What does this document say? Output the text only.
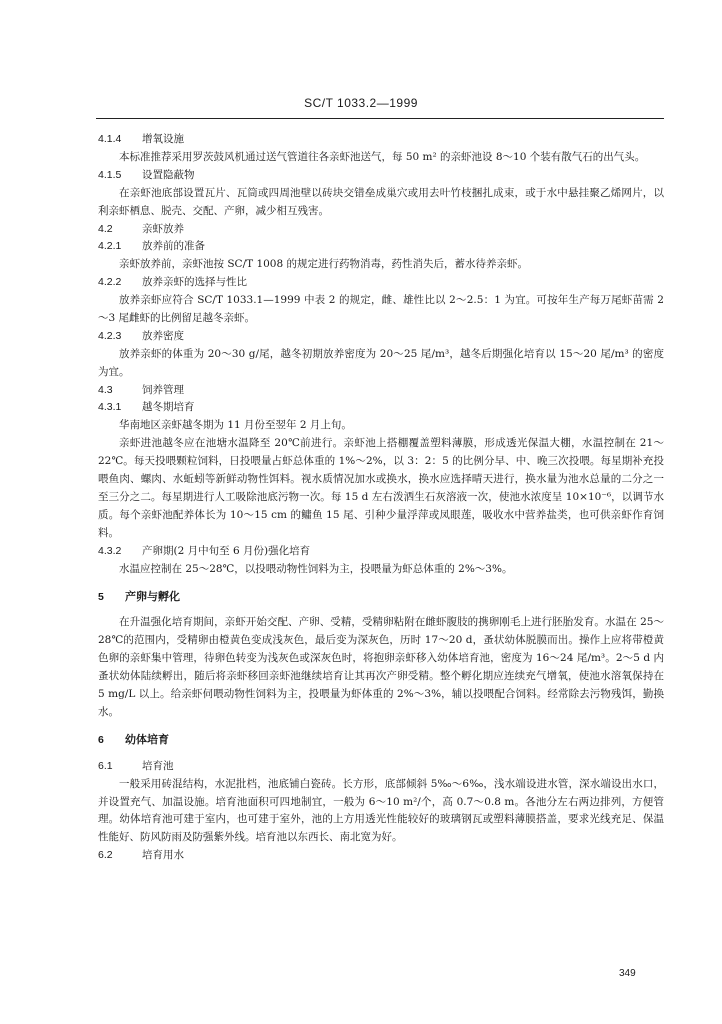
SC/T 1033.2—1999
4.1.4 增氧设施

本标准推荐采用罗茨鼓风机通过送气管道往各亲虾池送气，每 50 m² 的亲虾池设 8～10 个装有散气石的出气头。

4.1.5 设置隐蔽物

在亲虾池底部设置瓦片、瓦筒或四周池壁以砖块交错垒成巢穴或用去叶竹枝捆扎成束，或于水中悬挂聚乙烯网片，以利亲虾栖息、脱壳、交配、产卵，减少相互残害。

4.2	亲虾放养
4.2.1 放养前的准备

亲虾放养前，亲虾池按 SC/T 1008 的规定进行药物消毒，药性消失后，蓄水待养亲虾。

4.2.2 放养亲虾的选择与性比

放养亲虾应符合 SC/T 1033.1—1999 中表 2 的规定，雌、雄性比以 2～2.5：1 为宜。可按年生产每万尾虾苗需 2～3 尾雌虾的比例留足越冬亲虾。

4.2.3 放养密度

放养亲虾的体重为 20～30 g/尾，越冬初期放养密度为 20～25 尾/m³，越冬后期强化培育以 15～20 尾/m³ 的密度为宜。

4.3	饲养管理
4.3.1 越冬期培育

华南地区亲虾越冬期为 11 月份至翌年 2 月上旬。

亲虾进池越冬应在池塘水温降至 20℃前进行。亲虾池上搭棚覆盖塑料薄膜，形成透光保温大棚，水温控制在 21～22℃。每天投喂颗粒饲料，日投喂量占虾总体重的 1%～2%，以 3：2：5 的比例分早、中、晚三次投喂。每星期补充投喂鱼肉、螺肉、水蚯蚓等新鲜动物性饵料。视水质情况加水或换水，换水应选择晴天进行，换水量为池水总量的二分之一至三分之二。每星期进行人工吸除池底污物一次。每 15 d 左右泼洒生石灰溶液一次，使池水浓度呈 10×10⁻⁶，以调节水质。每个亲虾池配养体长为 10～15 cm 的鳙鱼 15 尾、引种少量浮萍或凤眼莲，吸收水中营养盐类，也可供亲虾作育饲料。

4.3.2 产卵期(2 月中旬至 6 月份)强化培育

水温应控制在 25～28℃，以投喂动物性饲料为主，投喂量为虾总体重的 2%～3%。

5 产卵与孵化

在升温强化培育期间，亲虾开始交配、产卵、受精，受精卵粘附在雌虾腹肢的携卵刚毛上进行胚胎发育。水温在 25～28℃的范围内，受精卵由橙黄色变成浅灰色，最后变为深灰色，历时 17～20 d，蚤状幼体脱膜而出。操作上应将带橙黄色卵的亲虾集中管理，待卵色转变为浅灰色或深灰色时，将抱卵亲虾移入幼体培育池，密度为 16～24 尾/m³。2～5 d 内蚤状幼体陆续孵出，随后将亲虾移回亲虾池继续培育让其再次产卵受精。整个孵化期应连续充气增氧，使池水溶氧保持在 5 mg/L 以上。给亲虾伺喂动物性饲料为主，投喂量为虾体重的 2%～3%，辅以投喂配合饲料。经常除去污物残饵，勤换水。

6 幼体培育
6.1	培育池

一般采用砖混结构，水泥批档，池底铺白瓷砖。长方形，底部倾斜 5‰～6‰，浅水端设进水管，深水端设出水口，并设置充气、加温设施。培育池面积可四地制宜，一般为 6～10 m²/个，高 0.7～0.8 m。各池分左右两边排列，方便管理。幼体培育池可建于室内，也可建于室外，池的上方用透光性能较好的玻璃钢瓦或塑料薄膜搭盖，要求光线充足、保温性能好、防风防雨及防强紫外线。培育池以东西长、南北宽为好。

6.2	培育用水
349
